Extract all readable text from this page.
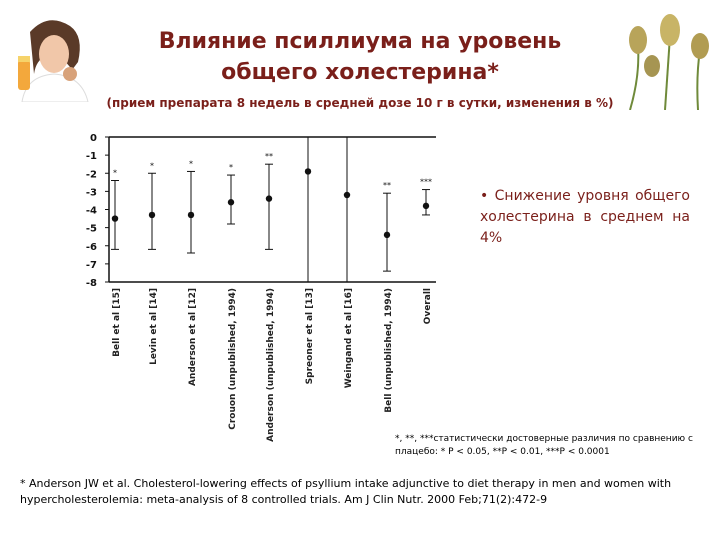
Влияние псиллиума на уровень
общего холестерина*
(прием препарата 8 недель в средней дозе 10 г в сутки, изменения в %)
0
-1
-2
-3
-4
-5
-6
-7
-8
*
*	*	*
**
**	***
Bell et al [15]	Levin et al [14]	Anderson et al [12]	Crouon (unpublished, 1994)	Anderson (unpublished, 1994)	Spreoner et al [13]	Weingand et al [16]	Bell (unpublished, 1994)	Overall
• Снижение уровня общего холестерина в среднем на 4%
*, **, ***статистически достоверные различия по сравнению с плацебо: * P < 0.05, **P < 0.01, ***P < 0.0001
* Anderson JW et al. Cholesterol-lowering effects of psyllium intake adjunctive to diet therapy in men and women with hypercholesterolemia: meta-analysis of 8 controlled trials. Am J Clin Nutr. 2000 Feb;71(2):472-9
